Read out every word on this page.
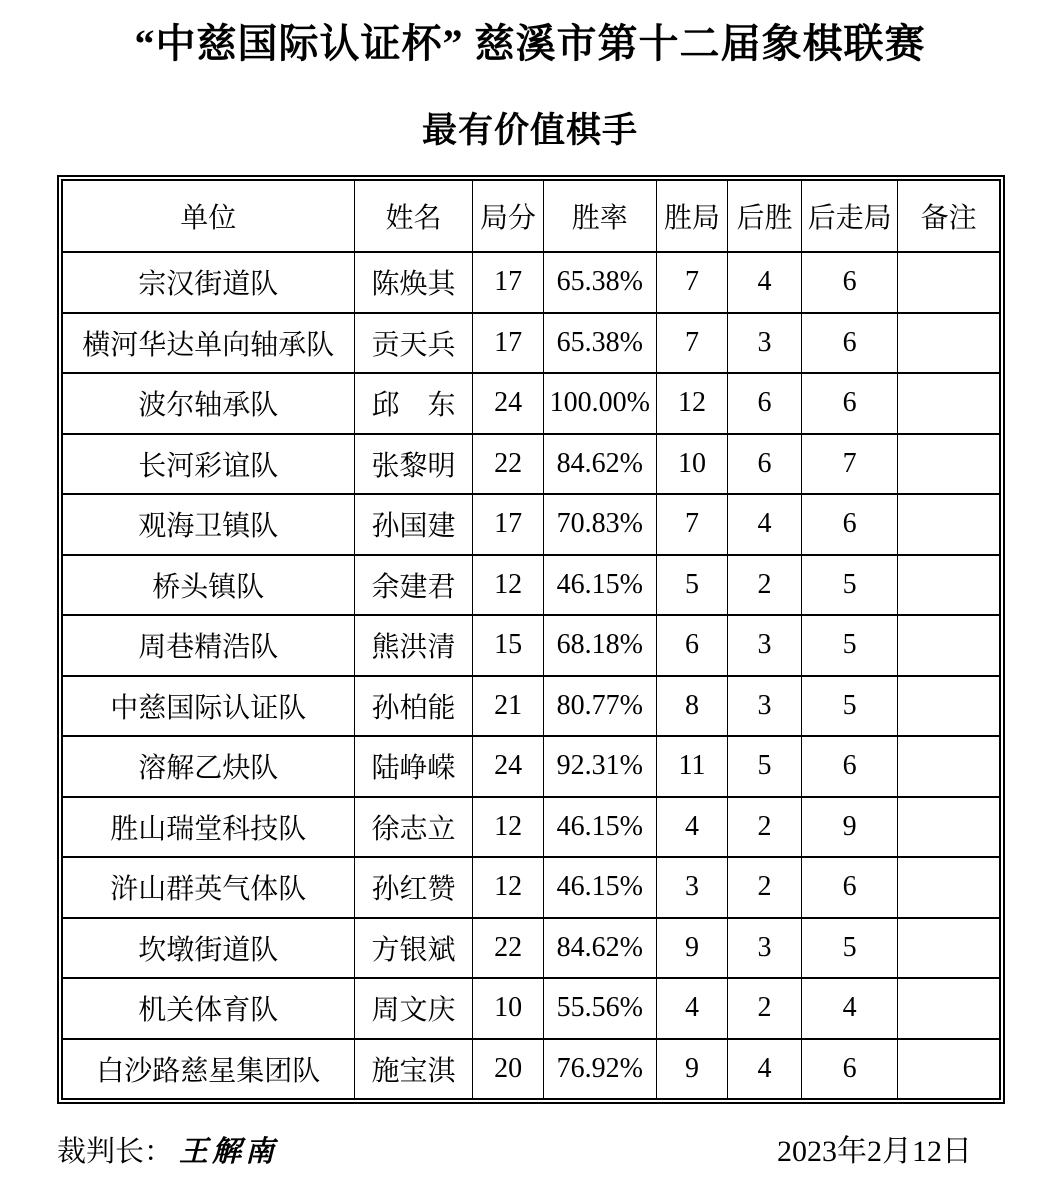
“中慈国际认证杯” 慈溪市第十二届象棋联赛
最有价值棋手
单位	姓名	局分	胜率	胜局	后胜	后走局	备注
宗汉街道队	陈焕其	17	65.38%	7	4	6	
横河华达单向轴承队	贡天兵	17	65.38%	7	3	6	
波尔轴承队	邱　东	24	100.00%	12	6	6	
长河彩谊队	张黎明	22	84.62%	10	6	7	
观海卫镇队	孙国建	17	70.83%	7	4	6	
桥头镇队	余建君	12	46.15%	5	2	5	
周巷精浩队	熊洪清	15	68.18%	6	3	5	
中慈国际认证队	孙柏能	21	80.77%	8	3	5	
溶解乙炔队	陆峥嵘	24	92.31%	11	5	6	
胜山瑞堂科技队	徐志立	12	46.15%	4	2	9	
浒山群英气体队	孙红赞	12	46.15%	3	2	6	
坎墩街道队	方银斌	22	84.62%	9	3	5	
机关体育队	周文庆	10	55.56%	4	2	4	
白沙路慈星集团队	施宝淇	20	76.92%	9	4	6	
裁判长： 王解南	2023年2月12日
